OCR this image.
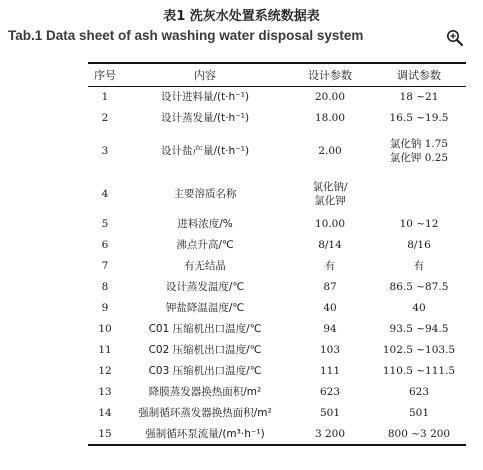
表1 洗灰水处置系统数据表
Tab.1 Data sheet of ash washing water disposal system
序号	内容	设计参数	调试参数
1	设计进料量/(t·h⁻¹)	20.00	18 ~21
2	设计蒸发量/(t·h⁻¹)	18.00	16.5 ~19.5
3	设计盐产量/(t·h⁻¹)	2.00	氯化钠 1.75
氯化钾 0.25
4	主要溶质名称	氯化钠/
氯化钾	
5	进料浓度/%	10.00	10 ~12
6	沸点升高/℃	8/14	8/16
7	有无结晶	有	有
8	设计蒸发温度/℃	87	86.5 ~87.5
9	钾盐降温温度/℃	40	40
10	C01 压缩机出口温度/℃	94	93.5 ~94.5
11	C02 压缩机出口温度/℃	103	102.5 ~103.5
12	C03 压缩机出口温度/℃	111	110.5 ~111.5
13	降膜蒸发器换热面积/m²	623	623
14	强制循环蒸发器换热面积/m²	501	501
15	强制循环泵流量/(m³·h⁻¹)	3 200	800 ~3 200
